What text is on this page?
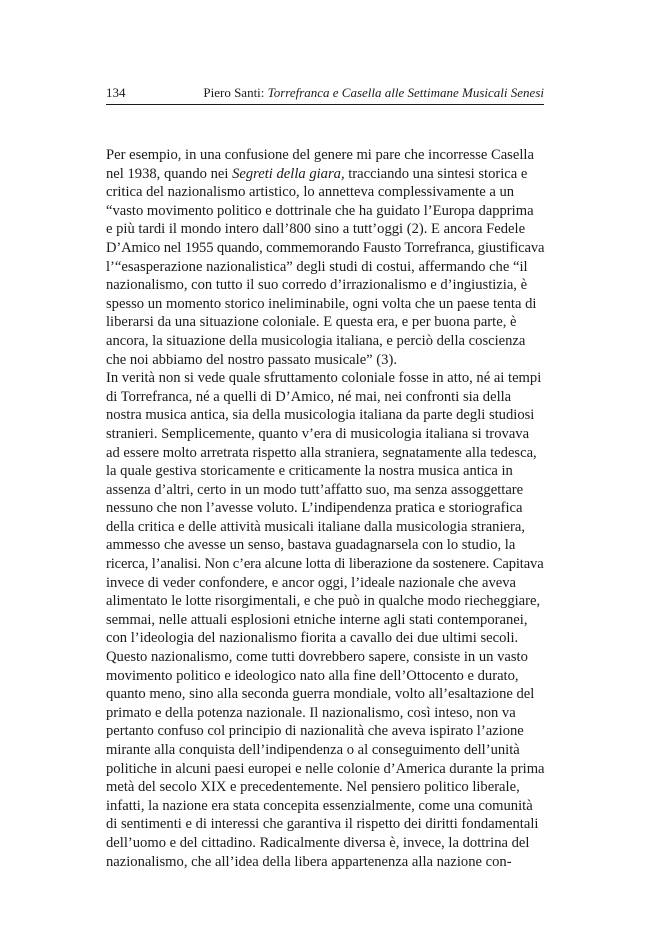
134	Piero Santi: Torrefranca e Casella alle Settimane Musicali Senesi
Per esempio, in una confusione del genere mi pare che incorresse Casella
nel 1938, quando nei Segreti della giara, tracciando una sintesi storica e
critica del nazionalismo artistico, lo annetteva complessivamente a un
“vasto movimento politico e dottrinale che ha guidato l’Europa dapprima
e più tardi il mondo intero dall’800 sino a tutt’oggi (2). E ancora Fedele
D’Amico nel 1955 quando, commemorando Fausto Torrefranca, giustificava
l’“esasperazione nazionalistica” degli studi di costui, affermando che “il
nazionalismo, con tutto il suo corredo d’irrazionalismo e d’ingiustizia, è
spesso un momento storico ineliminabile, ogni volta che un paese tenta di
liberarsi da una situazione coloniale. E questa era, e per buona parte, è
ancora, la situazione della musicologia italiana, e perciò della coscienza
che noi abbiamo del nostro passato musicale” (3).
In verità non si vede quale sfruttamento coloniale fosse in atto, né ai tempi
di Torrefranca, né a quelli di D’Amico, né mai, nei confronti sia della
nostra musica antica, sia della musicologia italiana da parte degli studiosi
stranieri. Semplicemente, quanto v’era di musicologia italiana si trovava
ad essere molto arretrata rispetto alla straniera, segnatamente alla tedesca,
la quale gestiva storicamente e criticamente la nostra musica antica in
assenza d’altri, certo in un modo tutt’affatto suo, ma senza assoggettare
nessuno che non l’avesse voluto. L’indipendenza pratica e storiografica
della critica e delle attività musicali italiane dalla musicologia straniera,
ammesso che avesse un senso, bastava guadagnarsela con lo studio, la
ricerca, l’analisi. Non c’era alcune lotta di liberazione da sostenere. Capitava
invece di veder confondere, e ancor oggi, l’ideale nazionale che aveva
alimentato le lotte risorgimentali, e che può in qualche modo riecheggiare,
semmai, nelle attuali esplosioni etniche interne agli stati contemporanei,
con l’ideologia del nazionalismo fiorita a cavallo dei due ultimi secoli.
Questo nazionalismo, come tutti dovrebbero sapere, consiste in un vasto
movimento politico e ideologico nato alla fine dell’Ottocento e durato,
quanto meno, sino alla seconda guerra mondiale, volto all’esaltazione del
primato e della potenza nazionale. Il nazionalismo, così inteso, non va
pertanto confuso col principio di nazionalità che aveva ispirato l’azione
mirante alla conquista dell’indipendenza o al conseguimento dell’unità
politiche in alcuni paesi europei e nelle colonie d’America durante la prima
metà del secolo XIX e precedentemente. Nel pensiero politico liberale,
infatti, la nazione era stata concepita essenzialmente, come una comunità
di sentimenti e di interessi che garantiva il rispetto dei diritti fondamentali
dell’uomo e del cittadino. Radicalmente diversa è, invece, la dottrina del
nazionalismo, che all’idea della libera appartenenza alla nazione con-
